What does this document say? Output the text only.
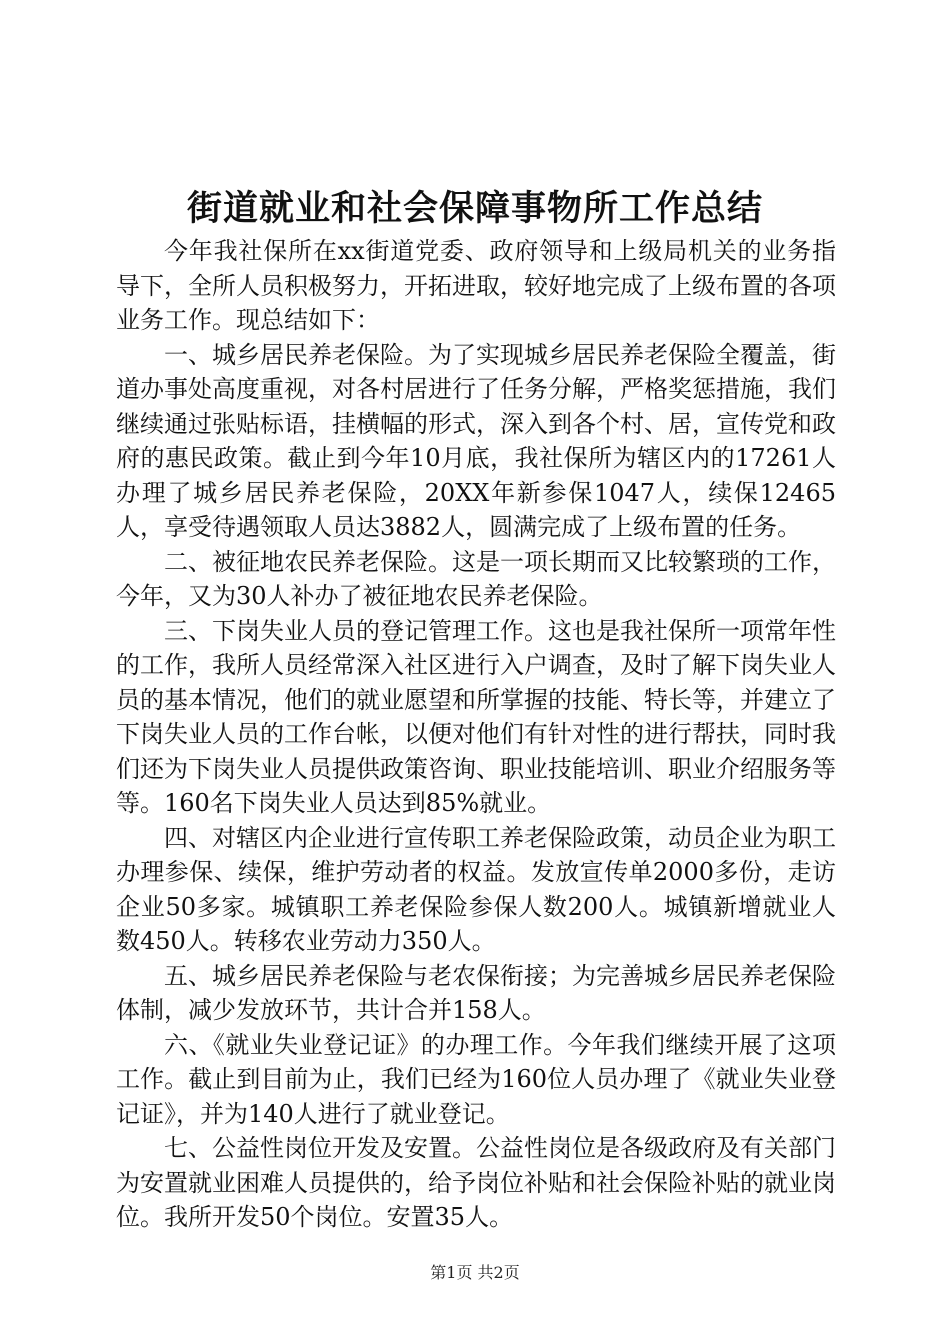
街道就业和社会保障事物所工作总结

今年我社保所在xx街道党委、政府领导和上级局机关的业务指导下，全所人员积极努力，开拓进取，较好地完成了上级布置的各项业务工作。现总结如下：

一、城乡居民养老保险。为了实现城乡居民养老保险全覆盖，街道办事处高度重视，对各村居进行了任务分解，严格奖惩措施，我们继续通过张贴标语，挂横幅的形式，深入到各个村、居，宣传党和政府的惠民政策。截止到今年10月底，我社保所为辖区内的17261人办理了城乡居民养老保险，20XX年新参保1047人，续保12465人，享受待遇领取人员达3882人，圆满完成了上级布置的任务。

二、被征地农民养老保险。这是一项长期而又比较繁琐的工作，今年，又为30人补办了被征地农民养老保险。

三、下岗失业人员的登记管理工作。这也是我社保所一项常年性的工作，我所人员经常深入社区进行入户调查，及时了解下岗失业人员的基本情况，他们的就业愿望和所掌握的技能、特长等，并建立了下岗失业人员的工作台帐，以便对他们有针对性的进行帮扶，同时我们还为下岗失业人员提供政策咨询、职业技能培训、职业介绍服务等等。160名下岗失业人员达到85%就业。

四、对辖区内企业进行宣传职工养老保险政策，动员企业为职工办理参保、续保，维护劳动者的权益。发放宣传单2000多份，走访企业50多家。城镇职工养老保险参保人数200人。城镇新增就业人数450人。转移农业劳动力350人。

五、城乡居民养老保险与老农保衔接；为完善城乡居民养老保险体制，减少发放环节，共计合并158人。

六、《就业失业登记证》的办理工作。今年我们继续开展了这项工作。截止到目前为止，我们已经为160位人员办理了《就业失业登记证》，并为140人进行了就业登记。

七、公益性岗位开发及安置。公益性岗位是各级政府及有关部门为安置就业困难人员提供的，给予岗位补贴和社会保险补贴的就业岗位。我所开发50个岗位。安置35人。

第1页 共2页
